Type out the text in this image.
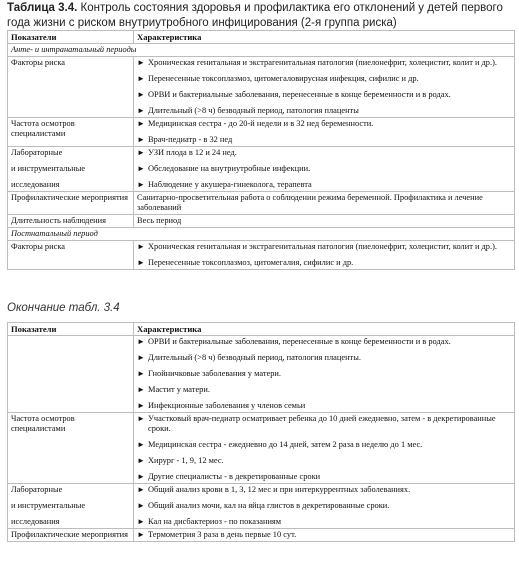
Таблица 3.4. Контроль состояния здоровья и профилактика его отклонений у детей первого года жизни с риском внутриутробного инфицирования (2-я группа риска)
Показатели	Характеристика
Анте- и интранатальный периоды	
Факторы риска	► Хроническая генитальная и экстрагенитальная патология (пиелонефрит, холецистит, колит и др.).
► Перенесенные токсоплазмоз, цитомегаловирусная инфекция, сифилис и др.
► ОРВИ и бактериальные заболевания, перенесенные в конце беременности и в родах.
► Длительный (>8 ч) безводный период, патология плаценты

Частота осмотров специалистами	► Медицинская сестра - до 20-й недели и в 32 нед беременности.
► Врач-педиатр - в 32 нед

Лабораторные
и инструментальные
исследования	► УЗИ плода в 12 и 24 нед.
► Обследование на внутриутробные инфекции.
► Наблюдение у акушера-гинеколога, терапевта

Профилактические мероприятия	Санитарно-просветительная работа о соблюдении режима беременной. Профилактика и лечение заболеваний
Длительность наблюдения	Весь период
Постнатальный период	
Факторы риска	► Хроническая генитальная и экстрагенитальная патология (пиелонефрит, холецистит, колит и др.).
► Перенесенные токсоплазмоз, цитомегалия, сифилис и др.
Окончание табл. 3.4
Показатели	Характеристика

	► ОРВИ и бактериальные заболевания, перенесенные в конце беременности и в родах.
► Длительный (>8 ч) безводный период, патология плаценты.
► Гнойничковые заболевания у матери.
► Мастит у матери.
► Инфекционные заболевания у членов семьи

Частота осмотров специалистами	► Участковый врач-педиатр осматривает ребенка до 10 дней ежедневно, затем - в декретированные сроки.
► Медицинская сестра - ежедневно до 14 дней, затем 2 раза в неделю до 1 мес.
► Хирург - 1, 9, 12 мес.
► Другие специалисты - в декретированные сроки

Лабораторные
и инструментальные
исследования	► Общий анализ крови в 1, 3, 12 мес и при интеркуррентных заболеваниях.
► Общий анализ мочи, кал на яйца глистов в декретированные сроки.
► Кал на дисбактериоз - по показаниям

Профилактические мероприятия	► Термометрия 3 раза в день первые 10 сут.
